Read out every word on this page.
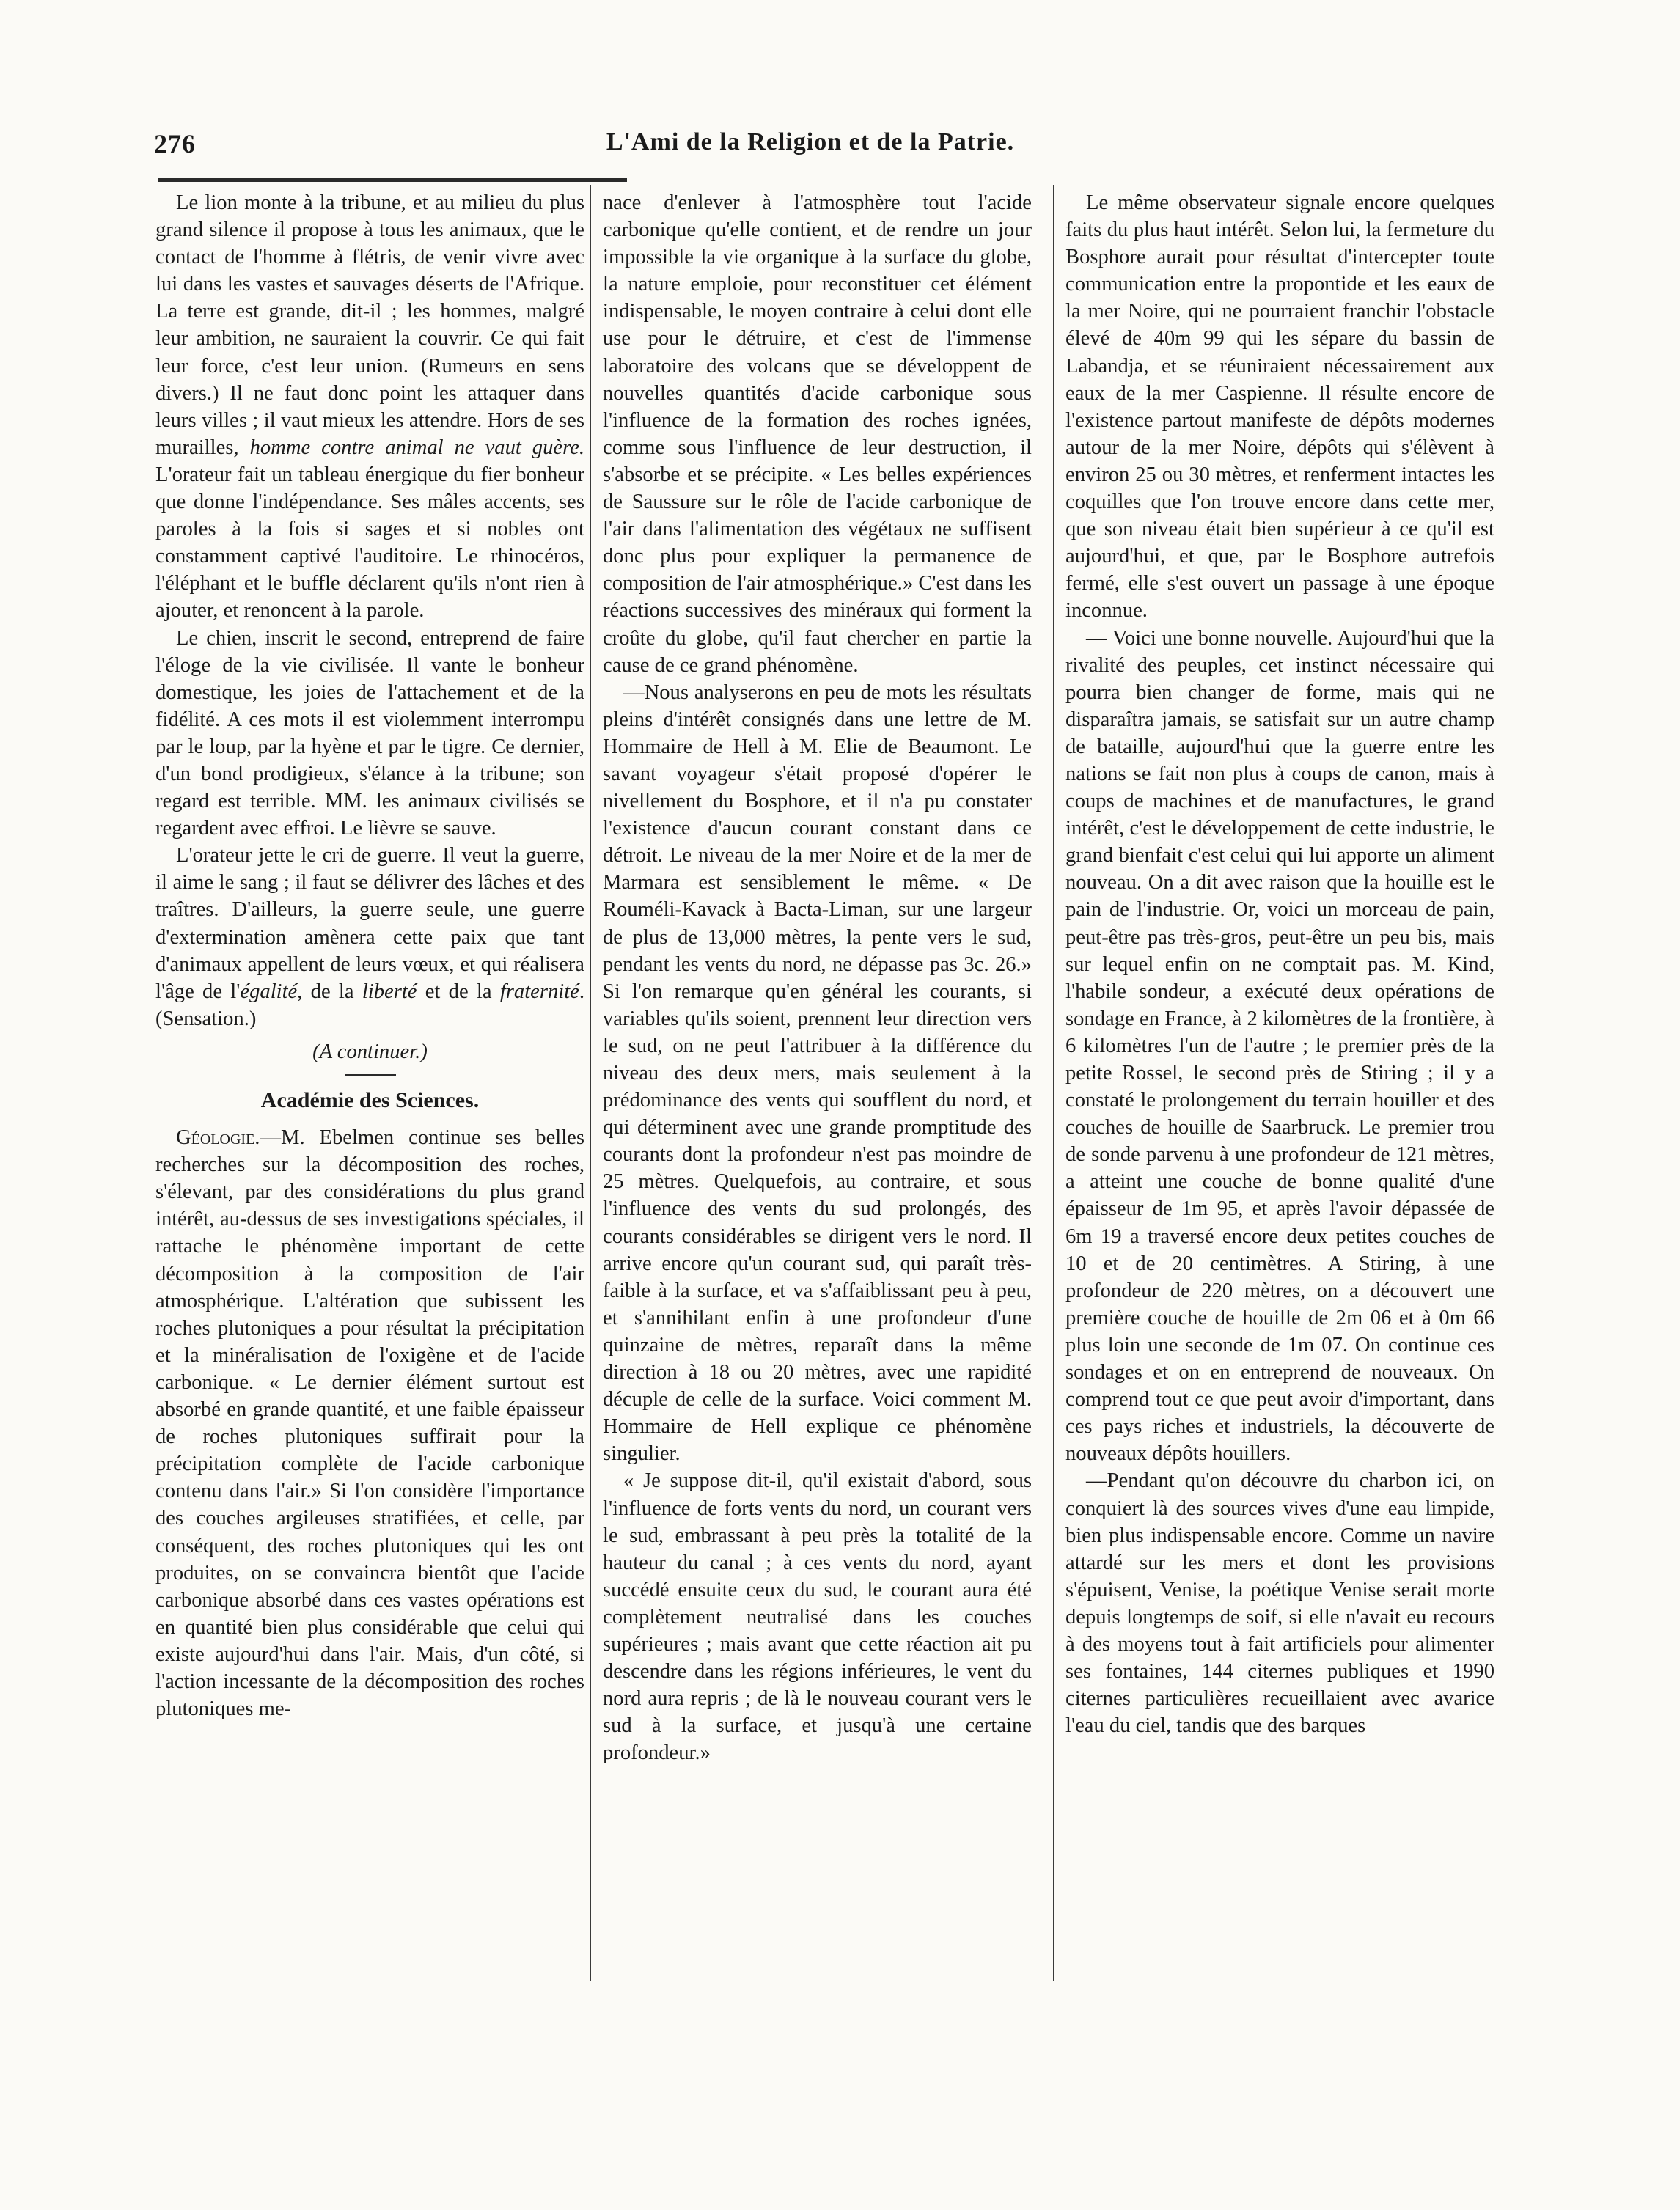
276	L'Ami de la Religion et de la Patrie.

Le lion monte à la tribune, et au milieu du plus grand silence il propose à tous les animaux, que le contact de l'homme à flétris, de venir vivre avec lui dans les vastes et sauvages déserts de l'Afrique. La terre est grande, dit-il ; les hommes, malgré leur ambition, ne sauraient la couvrir. Ce qui fait leur force, c'est leur union. (Rumeurs en sens divers.) Il ne faut donc point les attaquer dans leurs villes ; il vaut mieux les attendre. Hors de ses murailles, homme contre animal ne vaut guère. L'orateur fait un tableau énergique du fier bonheur que donne l'indépendance. Ses mâles accents, ses paroles à la fois si sages et si nobles ont constamment captivé l'auditoire. Le rhinocéros, l'éléphant et le buffle déclarent qu'ils n'ont rien à ajouter, et renoncent à la parole.

Le chien, inscrit le second, entreprend de faire l'éloge de la vie civilisée. Il vante le bonheur domestique, les joies de l'attachement et de la fidélité. A ces mots il est violemment interrompu par le loup, par la hyène et par le tigre. Ce dernier, d'un bond prodigieux, s'élance à la tribune; son regard est terrible. MM. les animaux civilisés se regardent avec effroi. Le lièvre se sauve.

L'orateur jette le cri de guerre. Il veut la guerre, il aime le sang ; il faut se délivrer des lâches et des traîtres. D'ailleurs, la guerre seule, une guerre d'extermination amènera cette paix que tant d'animaux appellent de leurs vœux, et qui réalisera l'âge de l'égalité, de la liberté et de la fraternité. (Sensation.)

(A continuer.)

Académie des Sciences.

Géologie.—M. Ebelmen continue ses belles recherches sur la décomposition des roches, s'élevant, par des considérations du plus grand intérêt, au-dessus de ses investigations spéciales, il rattache le phénomène important de cette décomposition à la composition de l'air atmosphérique. L'altération que subissent les roches plutoniques a pour résultat la précipitation et la minéralisation de l'oxigène et de l'acide carbonique. « Le dernier élément surtout est absorbé en grande quantité, et une faible épaisseur de roches plutoniques suffirait pour la précipitation complète de l'acide carbonique contenu dans l'air.» Si l'on considère l'importance des couches argileuses stratifiées, et celle, par conséquent, des roches plutoniques qui les ont produites, on se convaincra bientôt que l'acide carbonique absorbé dans ces vastes opérations est en quantité bien plus considérable que celui qui existe aujourd'hui dans l'air. Mais, d'un côté, si l'action incessante de la décomposition des roches plutoniques me-

nace d'enlever à l'atmosphère tout l'acide carbonique qu'elle contient, et de rendre un jour impossible la vie organique à la surface du globe, la nature emploie, pour reconstituer cet élément indispensable, le moyen contraire à celui dont elle use pour le détruire, et c'est de l'immense laboratoire des volcans que se développent de nouvelles quantités d'acide carbonique sous l'influence de la formation des roches ignées, comme sous l'influence de leur destruction, il s'absorbe et se précipite. « Les belles expériences de Saussure sur le rôle de l'acide carbonique de l'air dans l'alimentation des végétaux ne suffisent donc plus pour expliquer la permanence de composition de l'air atmosphérique.» C'est dans les réactions successives des minéraux qui forment la croûte du globe, qu'il faut chercher en partie la cause de ce grand phénomène.

—Nous analyserons en peu de mots les résultats pleins d'intérêt consignés dans une lettre de M. Hommaire de Hell à M. Elie de Beaumont. Le savant voyageur s'était proposé d'opérer le nivellement du Bosphore, et il n'a pu constater l'existence d'aucun courant constant dans ce détroit. Le niveau de la mer Noire et de la mer de Marmara est sensiblement le même. « De Rouméli-Kavack à Bacta-Liman, sur une largeur de plus de 13,000 mètres, la pente vers le sud, pendant les vents du nord, ne dépasse pas 3c. 26.» Si l'on remarque qu'en général les courants, si variables qu'ils soient, prennent leur direction vers le sud, on ne peut l'attribuer à la différence du niveau des deux mers, mais seulement à la prédominance des vents qui soufflent du nord, et qui déterminent avec une grande promptitude des courants dont la profondeur n'est pas moindre de 25 mètres. Quelquefois, au contraire, et sous l'influence des vents du sud prolongés, des courants considérables se dirigent vers le nord. Il arrive encore qu'un courant sud, qui paraît très-faible à la surface, et va s'affaiblissant peu à peu, et s'annihilant enfin à une profondeur d'une quinzaine de mètres, reparaît dans la même direction à 18 ou 20 mètres, avec une rapidité décuple de celle de la surface. Voici comment M. Hommaire de Hell explique ce phénomène singulier.

« Je suppose dit-il, qu'il existait d'abord, sous l'influence de forts vents du nord, un courant vers le sud, embrassant à peu près la totalité de la hauteur du canal ; à ces vents du nord, ayant succédé ensuite ceux du sud, le courant aura été complètement neutralisé dans les couches supérieures ; mais avant que cette réaction ait pu descendre dans les régions inférieures, le vent du nord aura repris ; de là le nouveau courant vers le sud à la surface, et jusqu'à une certaine profondeur.»

Le même observateur signale encore quelques faits du plus haut intérêt. Selon lui, la fermeture du Bosphore aurait pour résultat d'intercepter toute communication entre la propontide et les eaux de la mer Noire, qui ne pourraient franchir l'obstacle élevé de 40m 99 qui les sépare du bassin de Labandja, et se réuniraient nécessairement aux eaux de la mer Caspienne. Il résulte encore de l'existence partout manifeste de dépôts modernes autour de la mer Noire, dépôts qui s'élèvent à environ 25 ou 30 mètres, et renferment intactes les coquilles que l'on trouve encore dans cette mer, que son niveau était bien supérieur à ce qu'il est aujourd'hui, et que, par le Bosphore autrefois fermé, elle s'est ouvert un passage à une époque inconnue.

— Voici une bonne nouvelle. Aujourd'hui que la rivalité des peuples, cet instinct nécessaire qui pourra bien changer de forme, mais qui ne disparaîtra jamais, se satisfait sur un autre champ de bataille, aujourd'hui que la guerre entre les nations se fait non plus à coups de canon, mais à coups de machines et de manufactures, le grand intérêt, c'est le développement de cette industrie, le grand bienfait c'est celui qui lui apporte un aliment nouveau. On a dit avec raison que la houille est le pain de l'industrie. Or, voici un morceau de pain, peut-être pas très-gros, peut-être un peu bis, mais sur lequel enfin on ne comptait pas. M. Kind, l'habile sondeur, a exécuté deux opérations de sondage en France, à 2 kilomètres de la frontière, à 6 kilomètres l'un de l'autre ; le premier près de la petite Rossel, le second près de Stiring ; il y a constaté le prolongement du terrain houiller et des couches de houille de Saarbruck. Le premier trou de sonde parvenu à une profondeur de 121 mètres, a atteint une couche de bonne qualité d'une épaisseur de 1m 95, et après l'avoir dépassée de 6m 19 a traversé encore deux petites couches de 10 et de 20 centimètres. A Stiring, à une profondeur de 220 mètres, on a découvert une première couche de houille de 2m 06 et à 0m 66 plus loin une seconde de 1m 07. On continue ces sondages et on en entreprend de nouveaux. On comprend tout ce que peut avoir d'important, dans ces pays riches et industriels, la découverte de nouveaux dépôts houillers.

—Pendant qu'on découvre du charbon ici, on conquiert là des sources vives d'une eau limpide, bien plus indispensable encore. Comme un navire attardé sur les mers et dont les provisions s'épuisent, Venise, la poétique Venise serait morte depuis longtemps de soif, si elle n'avait eu recours à des moyens tout à fait artificiels pour alimenter ses fontaines, 144 citernes publiques et 1990 citernes particulières recueillaient avec avarice l'eau du ciel, tandis que des barques
